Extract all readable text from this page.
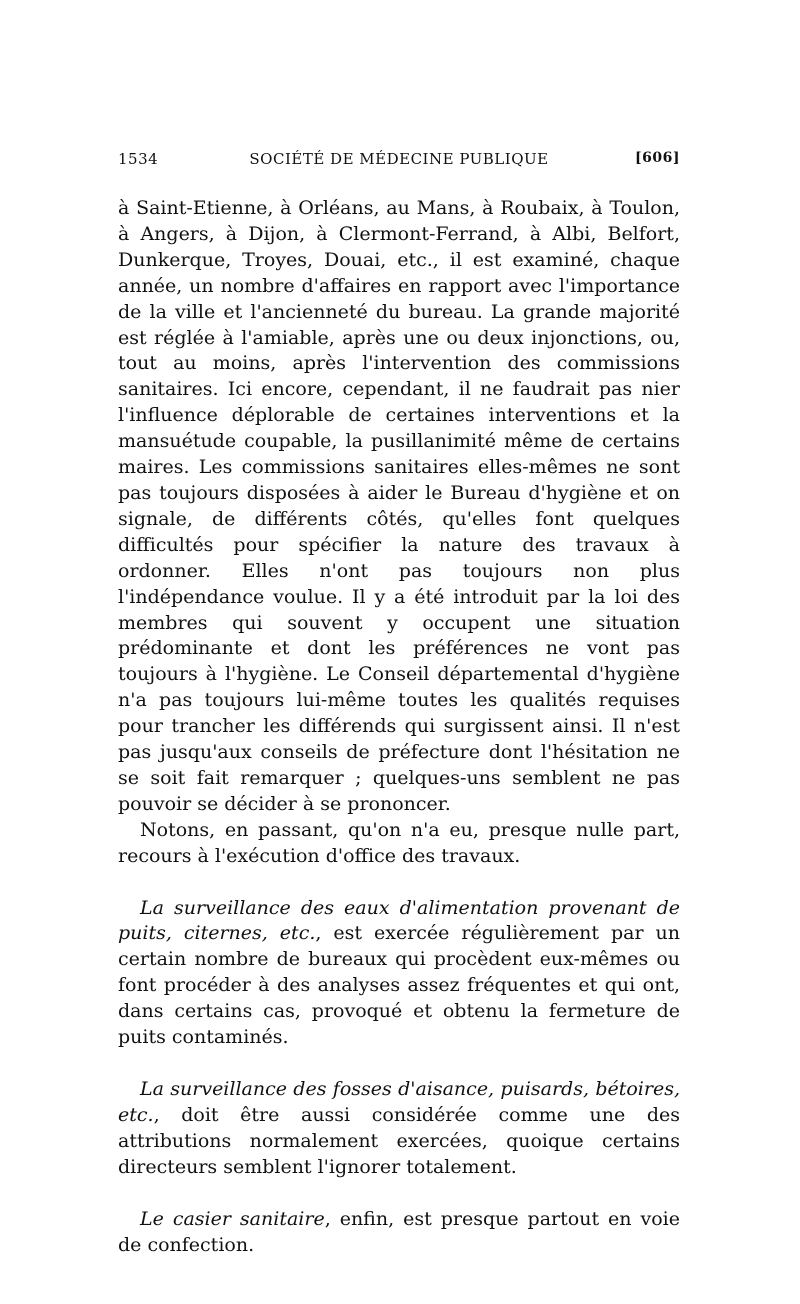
1534	SOCIÉTÉ DE MÉDECINE PUBLIQUE	[606]

à Saint-Etienne, à Orléans, au Mans, à Roubaix, à Toulon, à Angers, à Dijon, à Clermont-Ferrand, à Albi, Belfort, Dunkerque, Troyes, Douai, etc., il est examiné, chaque année, un nombre d'affaires en rapport avec l'importance de la ville et l'ancienneté du bureau. La grande majorité est réglée à l'amiable, après une ou deux injonctions, ou, tout au moins, après l'intervention des commissions sanitaires. Ici encore, cependant, il ne faudrait pas nier l'influence déplorable de certaines interventions et la mansuétude coupable, la pusillanimité même de certains maires. Les commissions sanitaires elles-mêmes ne sont pas toujours disposées à aider le Bureau d'hygiène et on signale, de différents côtés, qu'elles font quelques difficultés pour spécifier la nature des travaux à ordonner. Elles n'ont pas toujours non plus l'indépendance voulue. Il y a été introduit par la loi des membres qui souvent y occupent une situation prédominante et dont les préférences ne vont pas toujours à l'hygiène. Le Conseil départemental d'hygiène n'a pas toujours lui-même toutes les qualités requises pour trancher les différends qui surgissent ainsi. Il n'est pas jusqu'aux conseils de préfecture dont l'hésitation ne se soit fait remarquer ; quelques-uns semblent ne pas pouvoir se décider à se prononcer.

Notons, en passant, qu'on n'a eu, presque nulle part, recours à l'exécution d'office des travaux.

La surveillance des eaux d'alimentation provenant de puits, citernes, etc., est exercée régulièrement par un certain nombre de bureaux qui procèdent eux-mêmes ou font procéder à des analyses assez fréquentes et qui ont, dans certains cas, provoqué et obtenu la fermeture de puits contaminés.

La surveillance des fosses d'aisance, puisards, bétoires, etc., doit être aussi considérée comme une des attributions normalement exercées, quoique certains directeurs semblent l'ignorer totalement.

Le casier sanitaire, enfin, est presque partout en voie de confection.
